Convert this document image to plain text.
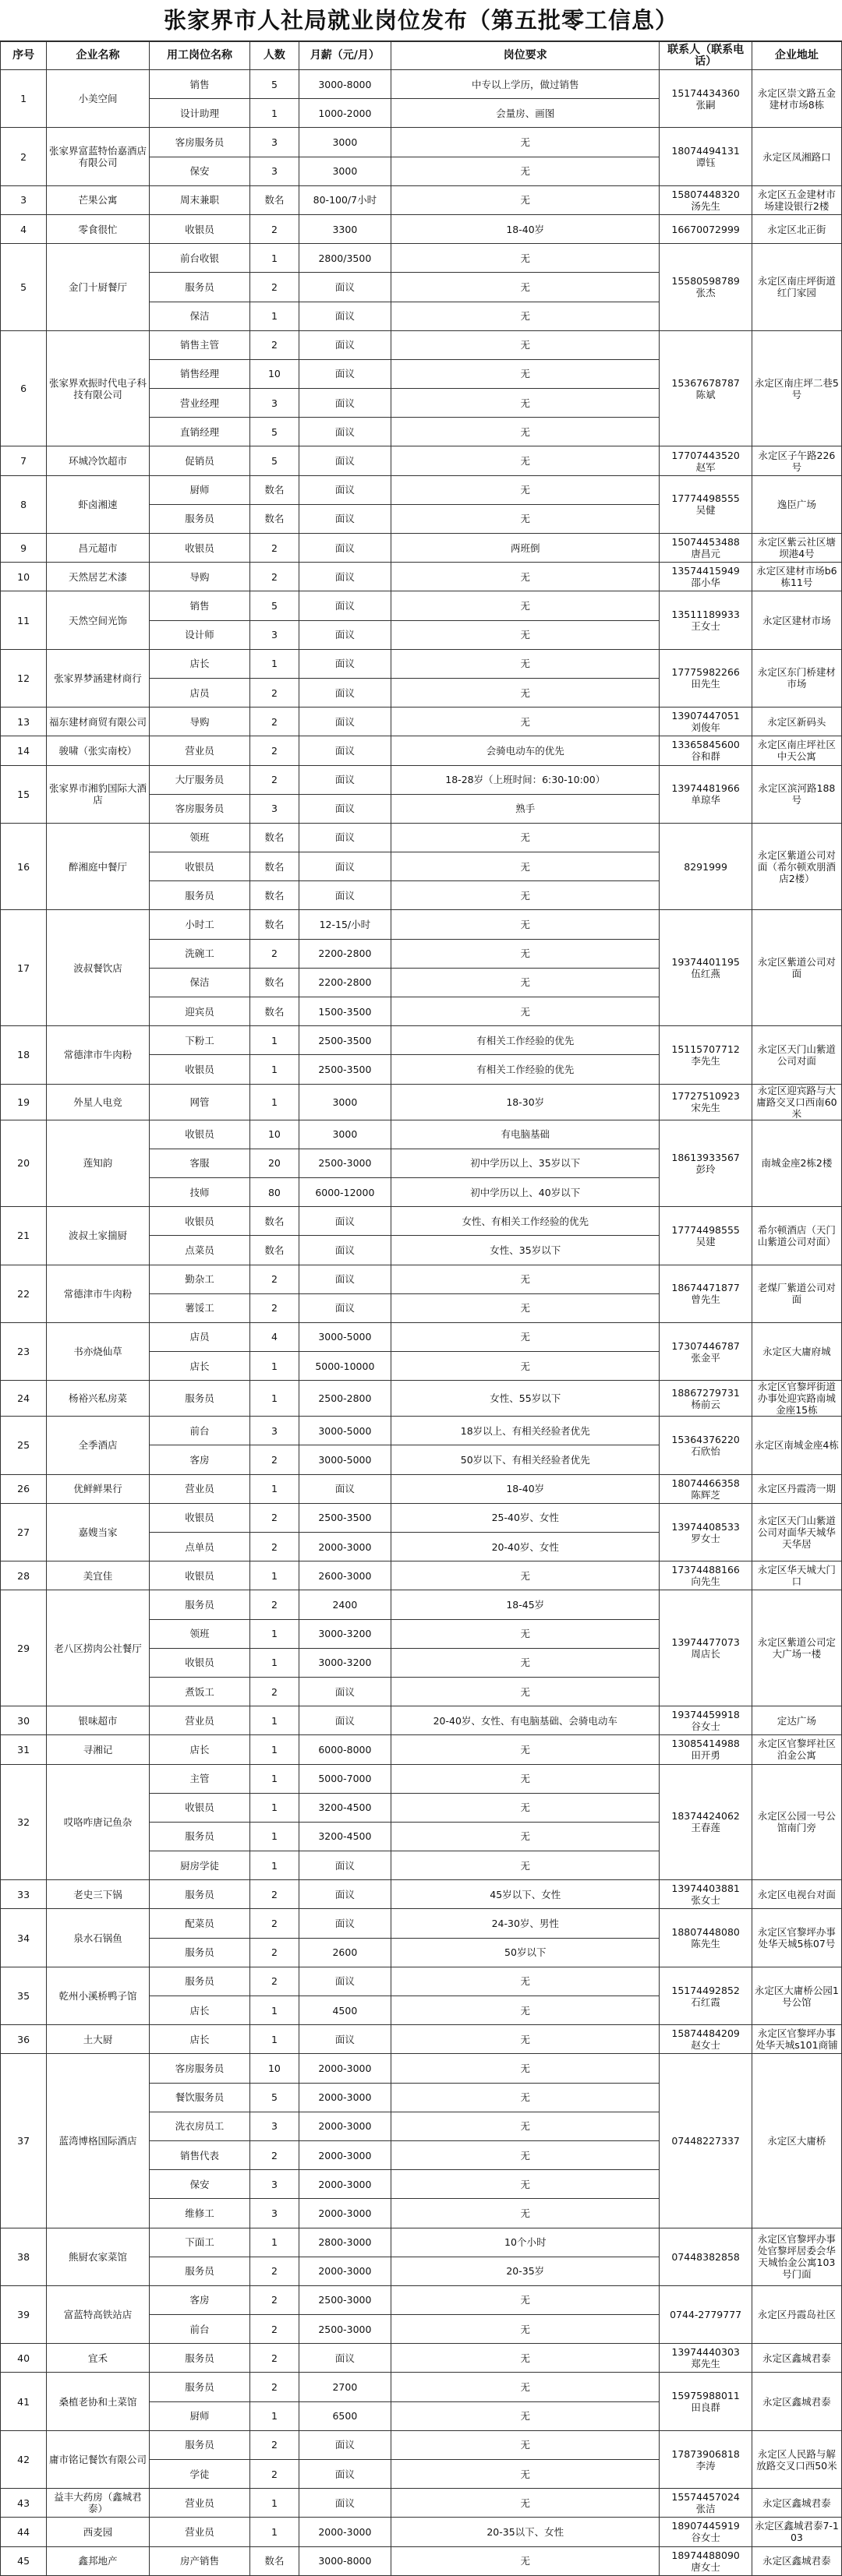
张家界市人社局就业岗位发布（第五批零工信息）
序号	企业名称	用工岗位名称	人数	月薪（元/月）	岗位要求	联系人（联系电话）	企业地址
1	小美空间	销售	5	3000-8000	中专以上学历，做过销售	15174434360
张嗣	永定区崇文路五金建材市场8栋
		设计助理	1	1000-2000	会量房、画图		
2	张家界富蓝特怡嘉酒店有限公司	客房服务员	3	3000	无	18074494131
谭钰	永定区凤湘路口
		保安	3	3000	无		
3	芒果公寓	周末兼职	数名	80-100/7小时	无	15807448320
汤先生	永定区五金建材市场建设银行2楼
4	零食很忙	收银员	2	3300	18-40岁	16670072999	永定区北正街
5	金门十厨餐厅	前台收银	1	2800/3500	无	15580598789
张杰	永定区南庄坪街道红门家园
		服务员	2	面议	无		
		保洁	1	面议	无		
6	张家界欢振时代电子科技有限公司	销售主管	2	面议	无	15367678787
陈斌	永定区南庄坪二巷5号
		销售经理	10	面议	无		
		营业经理	3	面议	无		
		直销经理	5	面议	无		
7	环城冷饮超市	促销员	5	面议	无	17707443520
赵军	永定区子午路226号
8	虾卤湘速	厨师	数名	面议	无	17774498555
吴健	逸臣广场
		服务员	数名	面议	无		
9	昌元超市	收银员	2	面议	两班倒	15074453488
唐昌元	永定区紫云社区塘坝港4号
10	天然居艺术漆	导购	2	面议	无	13574415949
邵小华	永定区建材市场b6栋11号
11	天然空间光饰	销售	5	面议	无	13511189933
王女士	永定区建材市场
		设计师	3	面议	无		
12	张家界梦涵建材商行	店长	1	面议	无	17775982266
田先生	永定区东门桥建材市场
		店员	2	面议	无		
13	福东建材商贸有限公司	导购	2	面议	无	13907447051
刘俊年	永定区新码头
14	骏啸（张实南校）	营业员	2	面议	会骑电动车的优先	13365845600
谷和群	永定区南庄坪社区中天公寓
15	张家界市湘豹国际大酒店	大厅服务员	2	面议	18-28岁（上班时间：6:30-10:00）	13974481966
单琼华	永定区滨河路188号
		客房服务员	3	面议	熟手		
16	醉湘庭中餐厅	领班	数名	面议	无	8291999	永定区紫道公司对面（希尔顿欢朋酒店2楼）
		收银员	数名	面议	无		
		服务员	数名	面议	无		
17	波叔餐饮店	小时工	数名	12-15/小时	无	19374401195
伍红燕	永定区紫道公司对面
		洗碗工	2	2200-2800	无		
		保洁	数名	2200-2800	无		
		迎宾员	数名	1500-3500	无		
18	常德津市牛肉粉	下粉工	1	2500-3500	有相关工作经验的优先	15115707712
李先生	永定区天门山紫道公司对面
		收银员	1	2500-3500	有相关工作经验的优先		
19	外星人电竞	网管	1	3000	18-30岁	17727510923
宋先生	永定区迎宾路与大庸路交叉口西南60米
20	莲知韵	收银员	10	3000	有电脑基础	18613933567
彭玲	南城金座2栋2楼
		客服	20	2500-3000	初中学历以上、35岁以下		
		技师	80	6000-12000	初中学历以上、40岁以下		
21	波叔土家揣厨	收银员	数名	面议	女性、有相关工作经验的优先	17774498555
吴建	希尔顿酒店（天门山紫道公司对面）
		点菜员	数名	面议	女性、35岁以下		
22	常德津市牛肉粉	勤杂工	2	面议	无	18674471877
曾先生	老煤厂紫道公司对面
		薯馁工	2	面议	无		
23	书亦烧仙草	店员	4	3000-5000	无	17307446787
张金平	永定区大庸府城
		店长	1	5000-10000	无		
24	杨裕兴私房菜	服务员	1	2500-2800	女性、55岁以下	18867279731
杨前云	永定区官黎坪街道办事处迎宾路南城金座15栋
25	全季酒店	前台	3	3000-5000	18岁以上、有相关经验者优先	15364376220
石欣怡	永定区南城金座4栋
		客房	2	3000-5000	50岁以下、有相关经验者优先		
26	优鲜鲜果行	营业员	1	面议	18-40岁	18074466358
陈辉芝	永定区丹霞湾一期
27	嘉嫂当家	收银员	2	2500-3500	25-40岁、女性	13974408533
罗女士	永定区天门山紫道公司对面华天城华天华居
		点单员	2	2000-3000	20-40岁、女性		
28	美宜佳	收银员	1	2600-3000	无	17374488166
向先生	永定区华天城大门口
29	老八区捞肉公社餐厅	服务员	2	2400	18-45岁	13974477073
周店长	永定区紫道公司定大广场一楼
		领班	1	3000-3200	无		
		收银员	1	3000-3200	无		
		煮饭工	2	面议	无		
30	银味超市	营业员	1	面议	20-40岁、女性、有电脑基础、会骑电动车	19374459918
谷女士	定达广场
31	寻湘记	店长	1	6000-8000	无	13085414988
田开勇	永定区官黎坪社区泊金公寓
32	哎咯咋唐记鱼杂	主管	1	5000-7000	无	18374424062
王春莲	永定区公园一号公馆南门旁
		收银员	1	3200-4500	无		
		服务员	1	3200-4500	无		
		厨房学徒	1	面议	无		
33	老史三下锅	服务员	2	面议	45岁以下、女性	13974403881
张女士	永定区电视台对面
34	泉水石锅鱼	配菜员	2	面议	24-30岁、男性	18807448080
陈先生	永定区官黎坪办事处华天城5栋07号
		服务员	2	2600	50岁以下		
35	乾州小溪桥鸭子馆	服务员	2	面议	无	15174492852
石红霞	永定区大庸桥公园1号公馆
		店长	1	4500	无		
36	土大厨	店长	1	面议	无	15874484209
赵女士	永定区官黎坪办事处华天城s101商铺
37	蓝湾博格国际酒店	客房服务员	10	2000-3000	无	07448227337	永定区大庸桥
		餐饮服务员	5	2000-3000	无		
		洗衣房员工	3	2000-3000	无		
		销售代表	2	2000-3000	无		
		保安	3	2000-3000	无		
		维修工	3	2000-3000	无		
38	熊厨农家菜馆	下面工	1	2800-3000	10个小时	07448382858	永定区官黎坪办事处官黎坪居委会华天城怡金公寓103号门面
		服务员	2	2000-3000	20-35岁		
39	富蓝特高铁站店	客房	2	2500-3000	无	0744-2779777	永定区丹霞岛社区
		前台	2	2500-3000	无		
40	宜禾	服务员	2	面议	无	13974440303
郑先生	永定区鑫城君泰
41	桑植老协和土菜馆	服务员	2	2700	无	15975988011
田良群	永定区鑫城君泰
		厨师	1	6500	无		
42	庸市铭记餐饮有限公司	服务员	2	面议	无	17873906818
李涛	永定区人民路与解放路交叉口西50米
		学徒	2	面议	无		
43	益丰大药房（鑫城君泰）	营业员	1	面议	无	15574457024
张洁	永定区鑫城君泰
44	西麦园	营业员	1	2000-3000	20-35以下、女性	18907445919
谷女士	永定区鑫城君泰7-103
45	鑫邦地产	房产销售	数名	3000-8000	无	18974488090
唐女士	永定区鑫城君泰
